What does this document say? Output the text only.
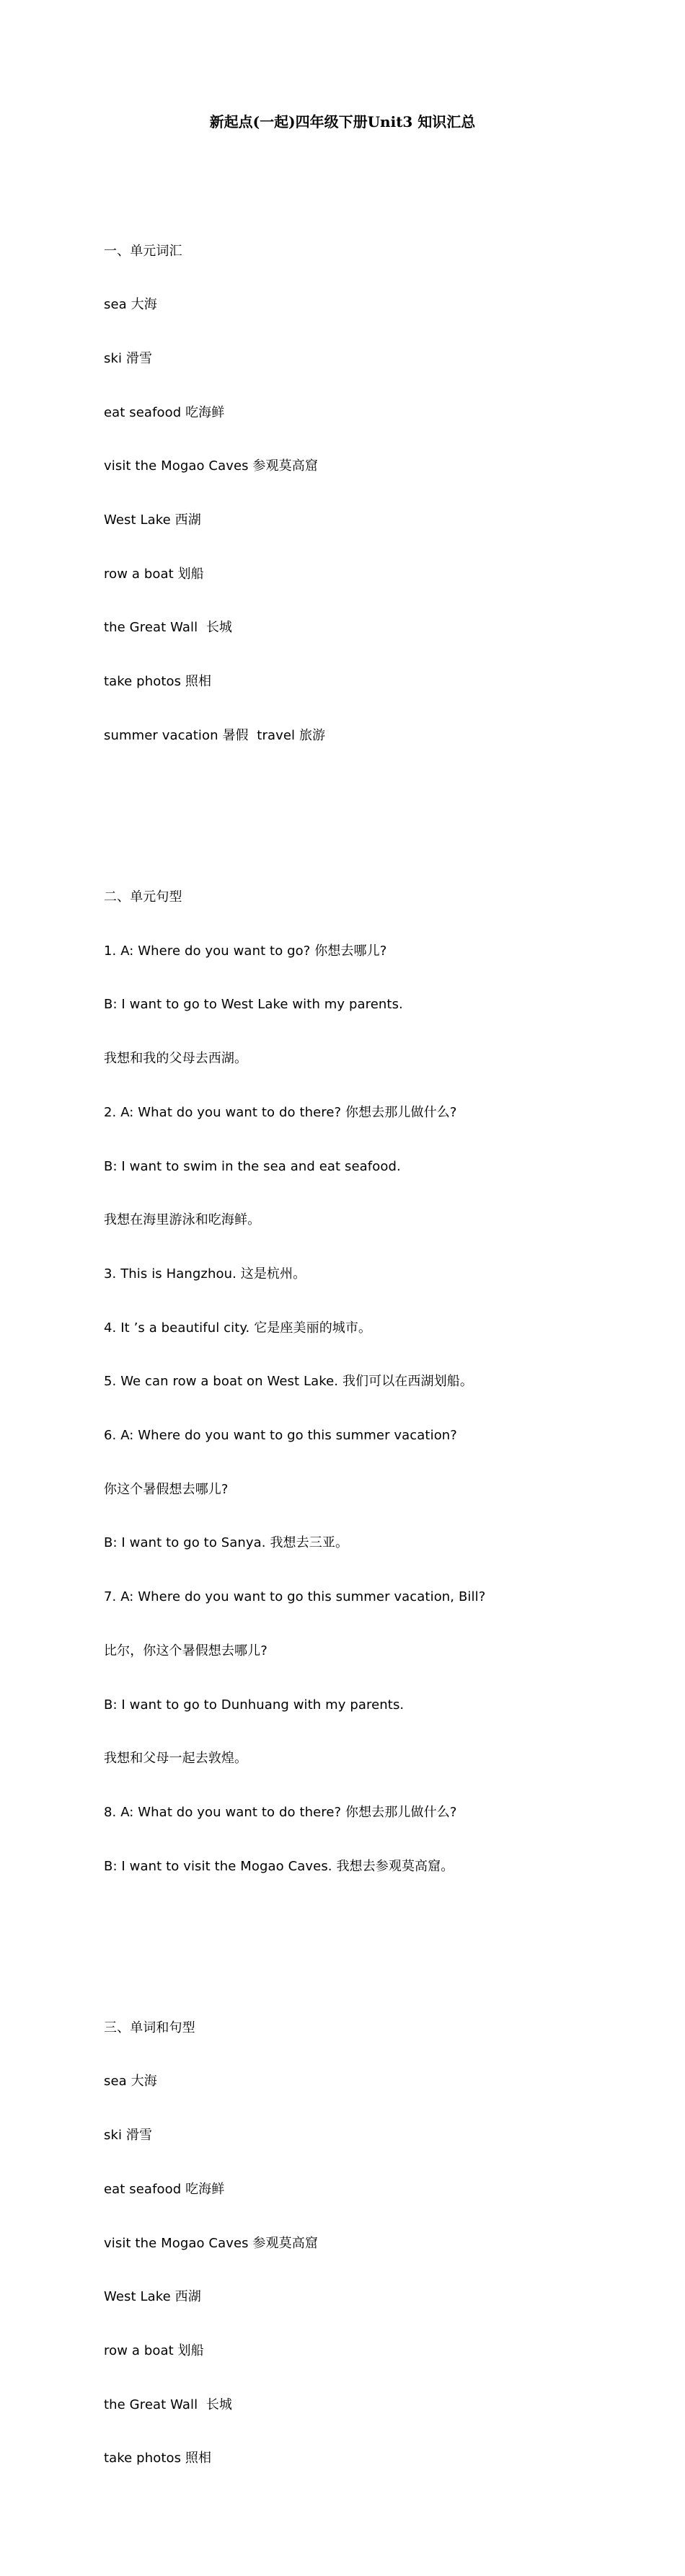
新起点(一起)四年级下册Unit3 知识汇总

一、单元词汇

sea 大海

ski 滑雪

eat seafood 吃海鲜

visit the Mogao Caves 参观莫高窟

West Lake 西湖

row a boat 划船

the Great Wall  长城

take photos 照相

summer vacation 暑假  travel 旅游

二、单元句型

1. A: Where do you want to go? 你想去哪儿?

B: I want to go to West Lake with my parents.

我想和我的父母去西湖。

2. A: What do you want to do there? 你想去那儿做什么?

B: I want to swim in the sea and eat seafood.

我想在海里游泳和吃海鲜。

3. This is Hangzhou. 这是杭州。

4. It ’s a beautiful city. 它是座美丽的城市。

5. We can row a boat on West Lake. 我们可以在西湖划船。

6. A: Where do you want to go this summer vacation?

你这个暑假想去哪儿?

B: I want to go to Sanya. 我想去三亚。

7. A: Where do you want to go this summer vacation, Bill?

比尔，你这个暑假想去哪儿?

B: I want to go to Dunhuang with my parents.

我想和父母一起去敦煌。

8. A: What do you want to do there? 你想去那儿做什么?

B: I want to visit the Mogao Caves. 我想去参观莫高窟。

三、单词和句型

sea 大海

ski 滑雪

eat seafood 吃海鲜

visit the Mogao Caves 参观莫高窟

West Lake 西湖

row a boat 划船

the Great Wall  长城

take photos 照相
